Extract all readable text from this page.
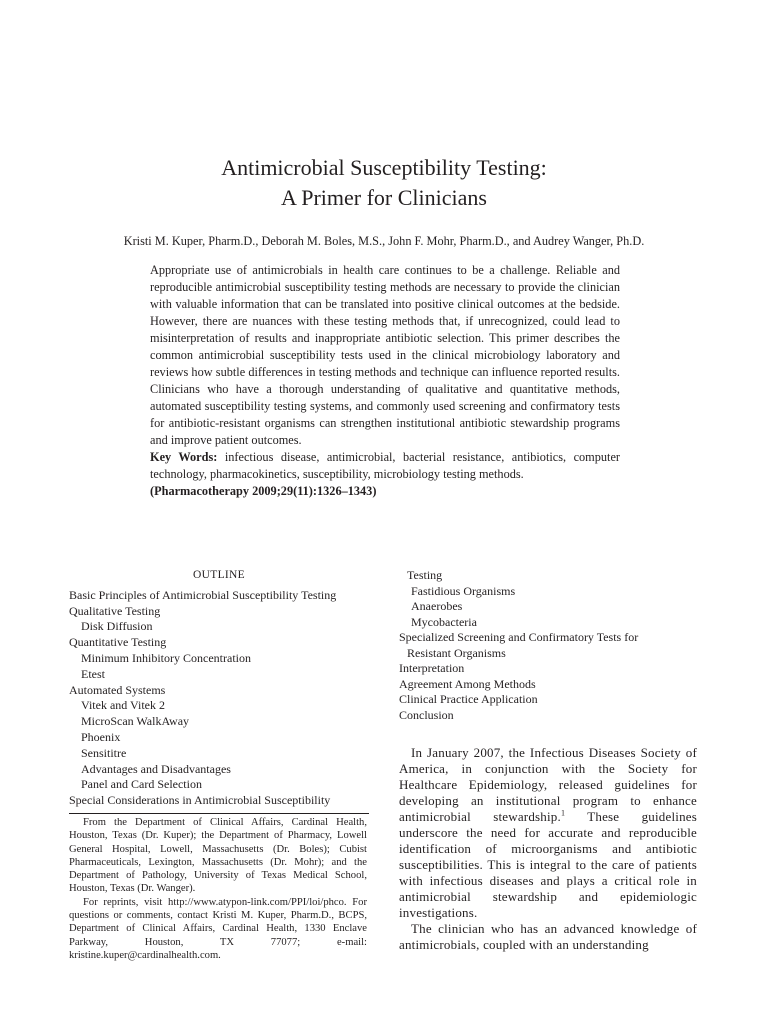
Antimicrobial Susceptibility Testing:
A Primer for Clinicians
Kristi M. Kuper, Pharm.D., Deborah M. Boles, M.S., John F. Mohr, Pharm.D., and Audrey Wanger, Ph.D.

Appropriate use of antimicrobials in health care continues to be a challenge. Reliable and reproducible antimicrobial susceptibility testing methods are necessary to provide the clinician with valuable information that can be translated into positive clinical outcomes at the bedside. However, there are nuances with these testing methods that, if unrecognized, could lead to misinterpretation of results and inappropriate antibiotic selection. This primer describes the common antimicrobial susceptibility tests used in the clinical microbiology laboratory and reviews how subtle differences in testing methods and technique can influence reported results. Clinicians who have a thorough understanding of qualitative and quantitative methods, automated susceptibility testing systems, and commonly used screening and confirmatory tests for antibiotic-resistant organisms can strengthen institutional antibiotic stewardship programs and improve patient outcomes.

Key Words: infectious disease, antimicrobial, bacterial resistance, antibiotics, computer technology, pharmacokinetics, susceptibility, microbiology testing methods.

(Pharmacotherapy 2009;29(11):1326–1343)

OUTLINE
Basic Principles of Antimicrobial Susceptibility Testing
Qualitative Testing
Disk Diffusion
Quantitative Testing
Minimum Inhibitory Concentration
Etest
Automated Systems
Vitek and Vitek 2
MicroScan WalkAway
Phoenix
Sensititre
Advantages and Disadvantages
Panel and Card Selection
Special Considerations in Antimicrobial Susceptibility

From the Department of Clinical Affairs, Cardinal Health, Houston, Texas (Dr. Kuper); the Department of Pharmacy, Lowell General Hospital, Lowell, Massachusetts (Dr. Boles); Cubist Pharmaceuticals, Lexington, Massachusetts (Dr. Mohr); and the Department of Pathology, University of Texas Medical School, Houston, Texas (Dr. Wanger).

For reprints, visit http://www.atypon-link.com/PPI/loi/phco. For questions or comments, contact Kristi M. Kuper, Pharm.D., BCPS, Department of Clinical Affairs, Cardinal Health, 1330 Enclave Parkway, Houston, TX 77077; e-mail: kristine.kuper@cardinalhealth.com.

Testing
Fastidious Organisms
Anaerobes
Mycobacteria
Specialized Screening and Confirmatory Tests for
Resistant Organisms
Interpretation
Agreement Among Methods
Clinical Practice Application
Conclusion

In January 2007, the Infectious Diseases Society of America, in conjunction with the Society for Healthcare Epidemiology, released guidelines for developing an institutional program to enhance antimicrobial stewardship.$^1$ These guidelines underscore the need for accurate and reproducible identification of microorganisms and antibiotic susceptibilities. This is integral to the care of patients with infectious diseases and plays a critical role in antimicrobial stewardship and epidemiologic investigations.

The clinician who has an advanced knowledge of antimicrobials, coupled with an understanding
